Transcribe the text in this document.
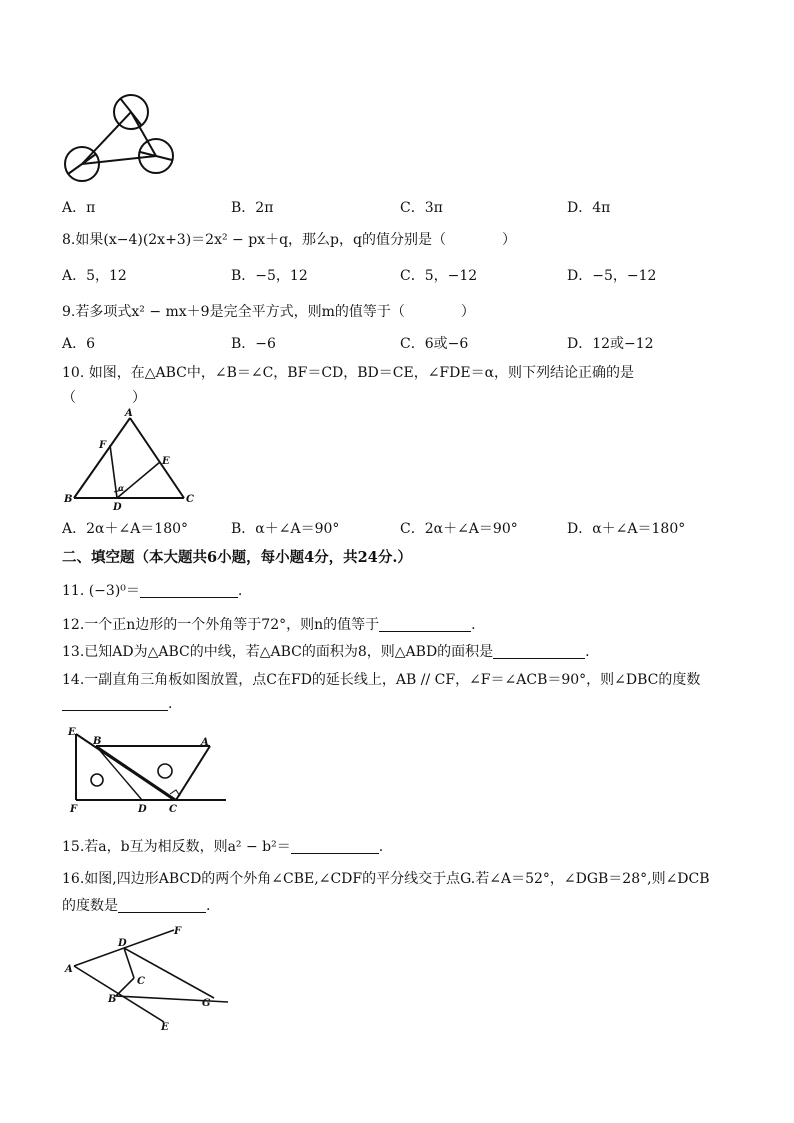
A．π	B．2π	C．3π	D．4π
8.如果(x−4)(2x+3)＝2x² − px＋q，那么p，q的值分别是（　　　　）
A．5，12	B．−5，12	C．5，−12	D．−5，−12
9.若多项式x² − mx＋9是完全平方式，则m的值等于（　　　　）
A．6	B．−6	C．6或−6	D．12或−12
10. 如图，在△ABC中，∠B＝∠C，BF＝CD，BD＝CE，∠FDE＝α，则下列结论正确的是
（　　　　）
A
F
E
B	C
D
α
A．2α＋∠A＝180°	B．α＋∠A＝90°	C．2α＋∠A＝90°	D．α＋∠A＝180°
二、填空题（本大题共6小题，每小题4分，共24分.）
11. (−3)⁰＝	.
12.一个正n边形的一个外角等于72°，则n的值等于	.
13.已知AD为△ABC的中线，若△ABC的面积为8，则△ABD的面积是	.
14.一副直角三角板如图放置，点C在FD的延长线上，AB // CF，∠F＝∠ACB＝90°，则∠DBC的度数
.
E
B	A
F	D C
15.若a，b互为相反数，则a² − b²＝	.
16.如图,四边形ABCD的两个外角∠CBE,∠CDF的平分线交于点G.若∠A＝52°，∠DGB＝28°,则∠DCB
的度数是	.
A
D
F
C
B	G
E
